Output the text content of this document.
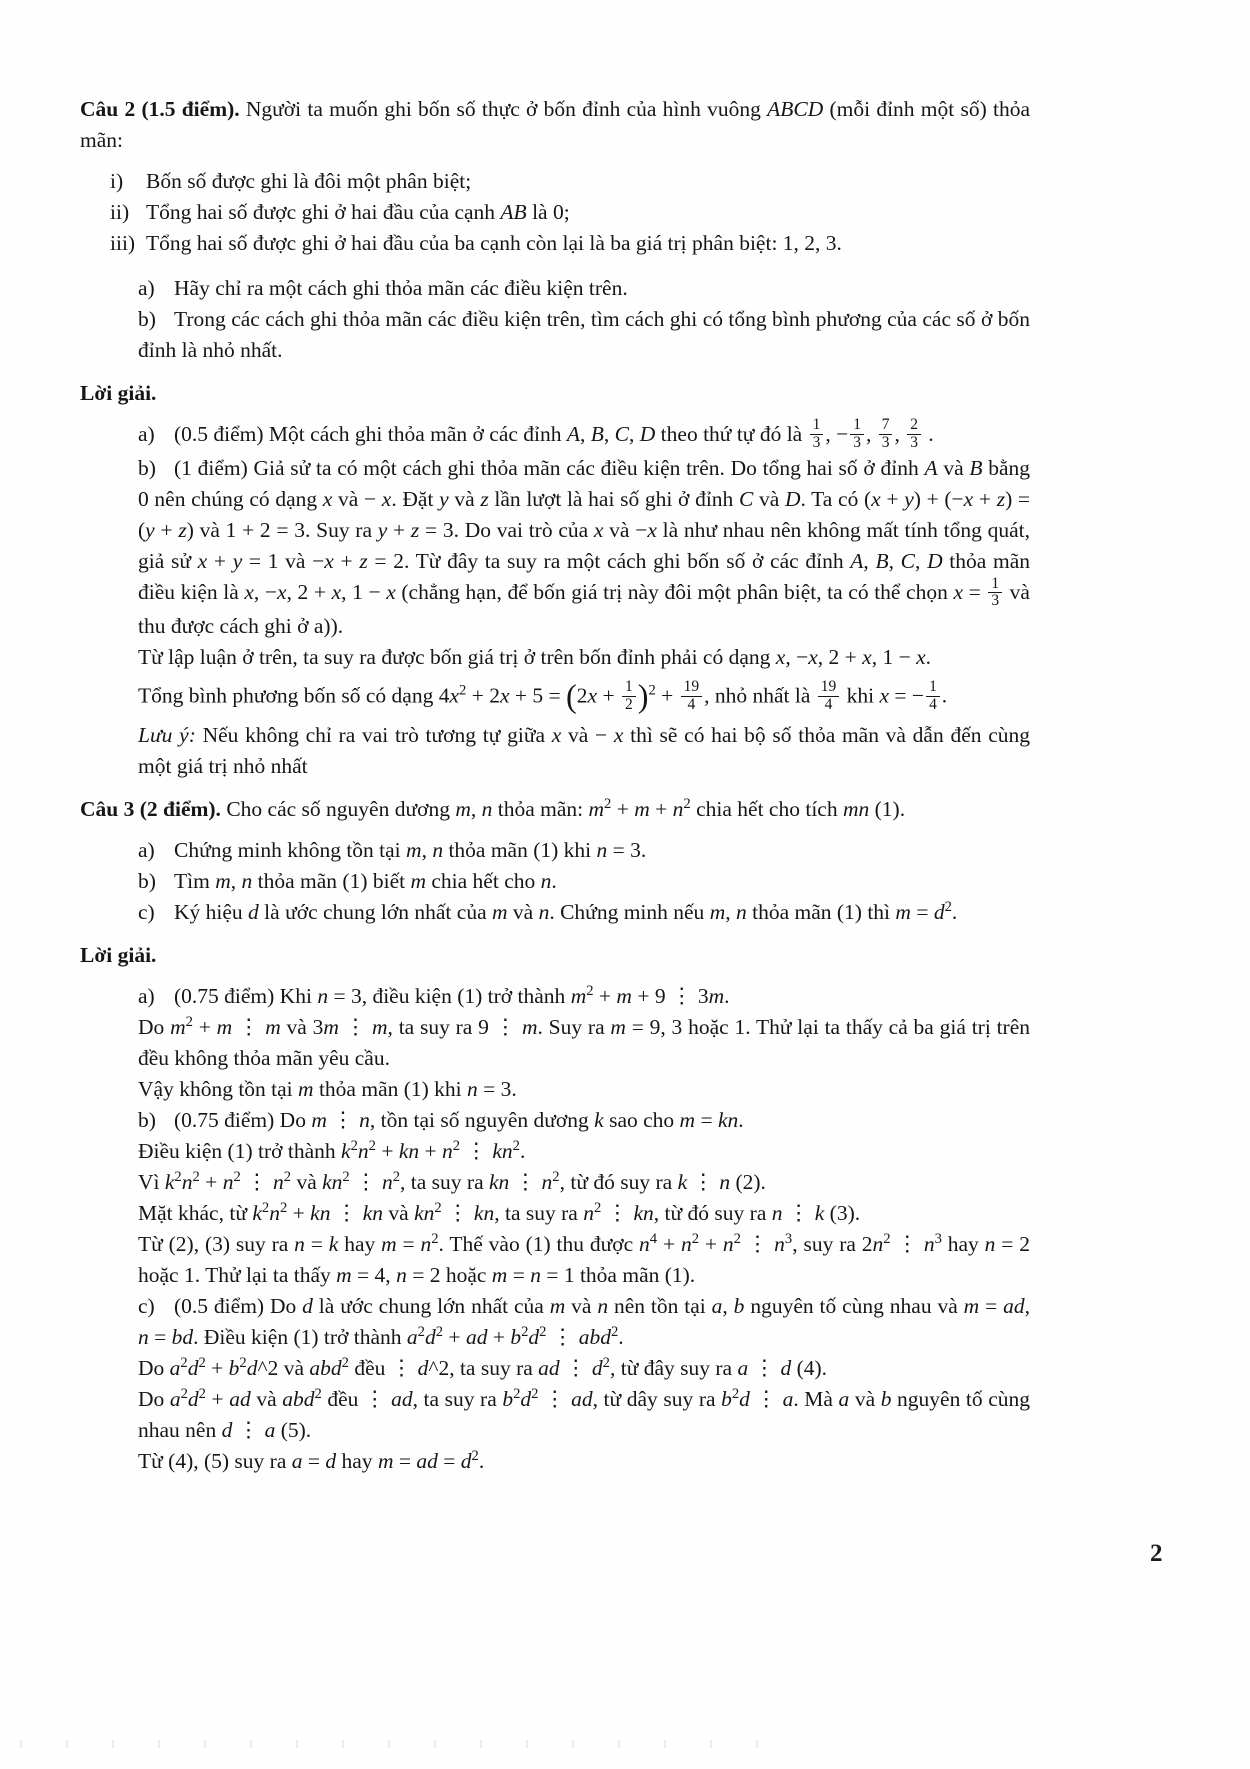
Câu 2 (1.5 điểm). Người ta muốn ghi bốn số thực ở bốn đỉnh của hình vuông ABCD (mỗi đỉnh một số) thỏa mãn:

i) Bốn số được ghi là đôi một phân biệt;

ii) Tổng hai số được ghi ở hai đầu của cạnh AB là 0;

iii) Tổng hai số được ghi ở hai đầu của ba cạnh còn lại là ba giá trị phân biệt: 1, 2, 3.

a) Hãy chỉ ra một cách ghi thỏa mãn các điều kiện trên.

b) Trong các cách ghi thỏa mãn các điều kiện trên, tìm cách ghi có tổng bình phương của các số ở bốn đỉnh là nhỏ nhất.

Lời giải.

a) (0.5 điểm) Một cách ghi thỏa mãn ở các đỉnh A, B, C, D theo thứ tự đó là $\frac{1}{3}$ , − $\frac{1}{3}$ , $\frac{7}{3}$ , $\frac{2}{3}$ .

b) (1 điểm) Giả sử ta có một cách ghi thỏa mãn các điều kiện trên. Do tổng hai số ở đỉnh A và B bằng 0 nên chúng có dạng x và − x. Đặt y và z lần lượt là hai số ghi ở đỉnh C và D. Ta có (x + y) + (−x + z) = (y + z) và 1 + 2 = 3. Suy ra y + z = 3. Do vai trò của x và −x là như nhau nên không mất tính tổng quát, giả sử x + y = 1 và −x + z = 2. Từ đây ta suy ra một cách ghi bốn số ở các đỉnh A, B, C, D thỏa mãn điều kiện là x, −x, 2 + x, 1 − x (chẳng hạn, để bốn giá trị này đôi một phân biệt, ta có thể chọn $x = \frac{1}{3}$ và thu được cách ghi ở a)).

Từ lập luận ở trên, ta suy ra được bốn giá trị ở trên bốn đỉnh phải có dạng x, −x, 2 + x, 1 − x.

Tổng bình phương bốn số có dạng $4x^2 + 2x + 5 = (2x + \frac{1}{2} )^2 + \frac{19}{4}$ , nhỏ nhất là $\frac{19}{4}$ khi x = − $\frac{1}{4}$ .

Lưu ý: Nếu không chỉ ra vai trò tương tự giữa x và − x thì sẽ có hai bộ số thỏa mãn và dẫn đến cùng một giá trị nhỏ nhất

Câu 3 (2 điểm). Cho các số nguyên dương m, n thỏa mãn: $m^2 + m + n^2$ chia hết cho tích mn (1).

a) Chứng minh không tồn tại m, n thỏa mãn (1) khi n = 3.

b) Tìm m, n thỏa mãn (1) biết m chia hết cho n.

c) Ký hiệu d là ước chung lớn nhất của m và n. Chứng minh nếu m, n thỏa mãn (1) thì $m = d^2$.

Lời giải.

a) (0.75 điểm) Khi n = 3, điều kiện (1) trở thành $m^2 + m + 9$ ⋮ 3m.
Do $m^2 + m$ ⋮ m và 3m ⋮ m, ta suy ra 9 ⋮ m. Suy ra m = 9, 3 hoặc 1. Thử lại ta thấy cả ba giá trị trên đều không thỏa mãn yêu cầu.
Vậy không tồn tại m thỏa mãn (1) khi n = 3.

b) (0.75 điểm) Do m ⋮ n, tồn tại số nguyên dương k sao cho m = kn.
Điều kiện (1) trở thành $k^2n^2$ + kn + $n^2$ ⋮ $kn^2$.
Vì $k^2n^2 + n^2$ ⋮ $n^2$ và $kn^2$ ⋮ $n^2$, ta suy ra kn ⋮ $n^2$, từ đó suy ra k ⋮ n (2).
Mặt khác, từ $k^2n^2$ + kn ⋮ kn và $kn^2$ ⋮ kn, ta suy ra $n^2$ ⋮ kn, từ đó suy ra n ⋮ k (3).
Từ (2), (3) suy ra n = k hay $m = n^2$. Thế vào (1) thu được $n^4 + n^2 + n^2$ ⋮ $n^3$, suy ra $2n^2$ ⋮ $n^3$ hay n = 2 hoặc 1. Thử lại ta thấy m = 4, n = 2 hoặc m = n = 1 thỏa mãn (1).

c) (0.5 điểm) Do d là ước chung lớn nhất của m và n nên tồn tại a, b nguyên tố cùng nhau và m = ad, n = bd. Điều kiện (1) trở thành $a^2d^2$ + ad + $b^2d^2$ ⋮ abd$^2$.
Do $a^2d^2$ + $b^2d\^{}2$ và abd$^2$ đều ⋮ d^2, ta suy ra ad ⋮ $d^2$, từ đây suy ra a ⋮ d (4).
Do $a^2d^2$ + ad và abd$^2$ đều ⋮ ad, ta suy ra $b^2d^2$ ⋮ ad, từ dây suy ra $b^2d$ ⋮ a. Mà a và b nguyên tố cùng nhau nên d ⋮ a (5).
Từ (4), (5) suy ra a = d hay m = ad = $d^2$.

2
